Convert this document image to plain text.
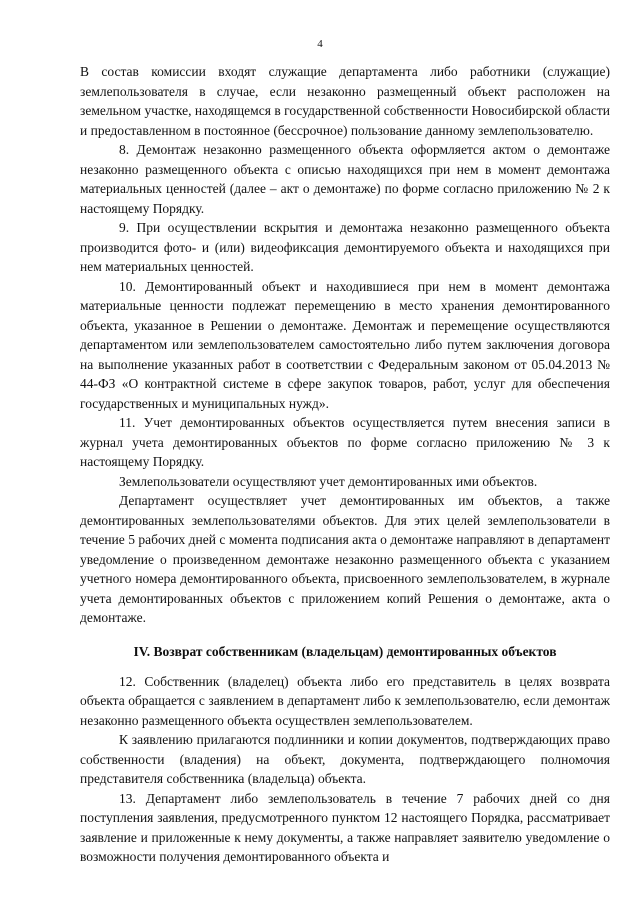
4

В состав комиссии входят служащие департамента либо работники (служащие) землепользователя в случае, если незаконно размещенный объект расположен на земельном участке, находящемся в государственной собственности Новосибирской области и предоставленном в постоянное (бессрочное) пользование данному землепользователю.

8. Демонтаж незаконно размещенного объекта оформляется актом о демонтаже незаконно размещенного объекта с описью находящихся при нем в момент демонтажа материальных ценностей (далее – акт о демонтаже) по форме согласно приложению № 2 к настоящему Порядку.

9. При осуществлении вскрытия и демонтажа незаконно размещенного объекта производится фото- и (или) видеофиксация демонтируемого объекта и находящихся при нем материальных ценностей.

10. Демонтированный объект и находившиеся при нем в момент демонтажа материальные ценности подлежат перемещению в место хранения демонтированного объекта, указанное в Решении о демонтаже. Демонтаж и перемещение осуществляются департаментом или землепользователем самостоятельно либо путем заключения договора на выполнение указанных работ в соответствии с Федеральным законом от 05.04.2013 № 44-ФЗ «О контрактной системе в сфере закупок товаров, работ, услуг для обеспечения государственных и муниципальных нужд».

11. Учет демонтированных объектов осуществляется путем внесения записи в журнал учета демонтированных объектов по форме согласно приложению № 3 к настоящему Порядку.

Землепользователи осуществляют учет демонтированных ими объектов.

Департамент осуществляет учет демонтированных им объектов, а также демонтированных землепользователями объектов. Для этих целей землепользователи в течение 5 рабочих дней с момента подписания акта о демонтаже направляют в департамент уведомление о произведенном демонтаже незаконно размещенного объекта с указанием учетного номера демонтированного объекта, присвоенного землепользователем, в журнале учета демонтированных объектов с приложением копий Решения о демонтаже, акта о демонтаже.

IV. Возврат собственникам (владельцам) демонтированных объектов

12. Собственник (владелец) объекта либо его представитель в целях возврата объекта обращается с заявлением в департамент либо к землепользователю, если демонтаж незаконно размещенного объекта осуществлен землепользователем.

К заявлению прилагаются подлинники и копии документов, подтверждающих право собственности (владения) на объект, документа, подтверждающего полномочия представителя собственника (владельца) объекта.

13. Департамент либо землепользователь в течение 7 рабочих дней со дня поступления заявления, предусмотренного пунктом 12 настоящего Порядка, рассматривает заявление и приложенные к нему документы, а также направляет заявителю уведомление о возможности получения демонтированного объекта и
